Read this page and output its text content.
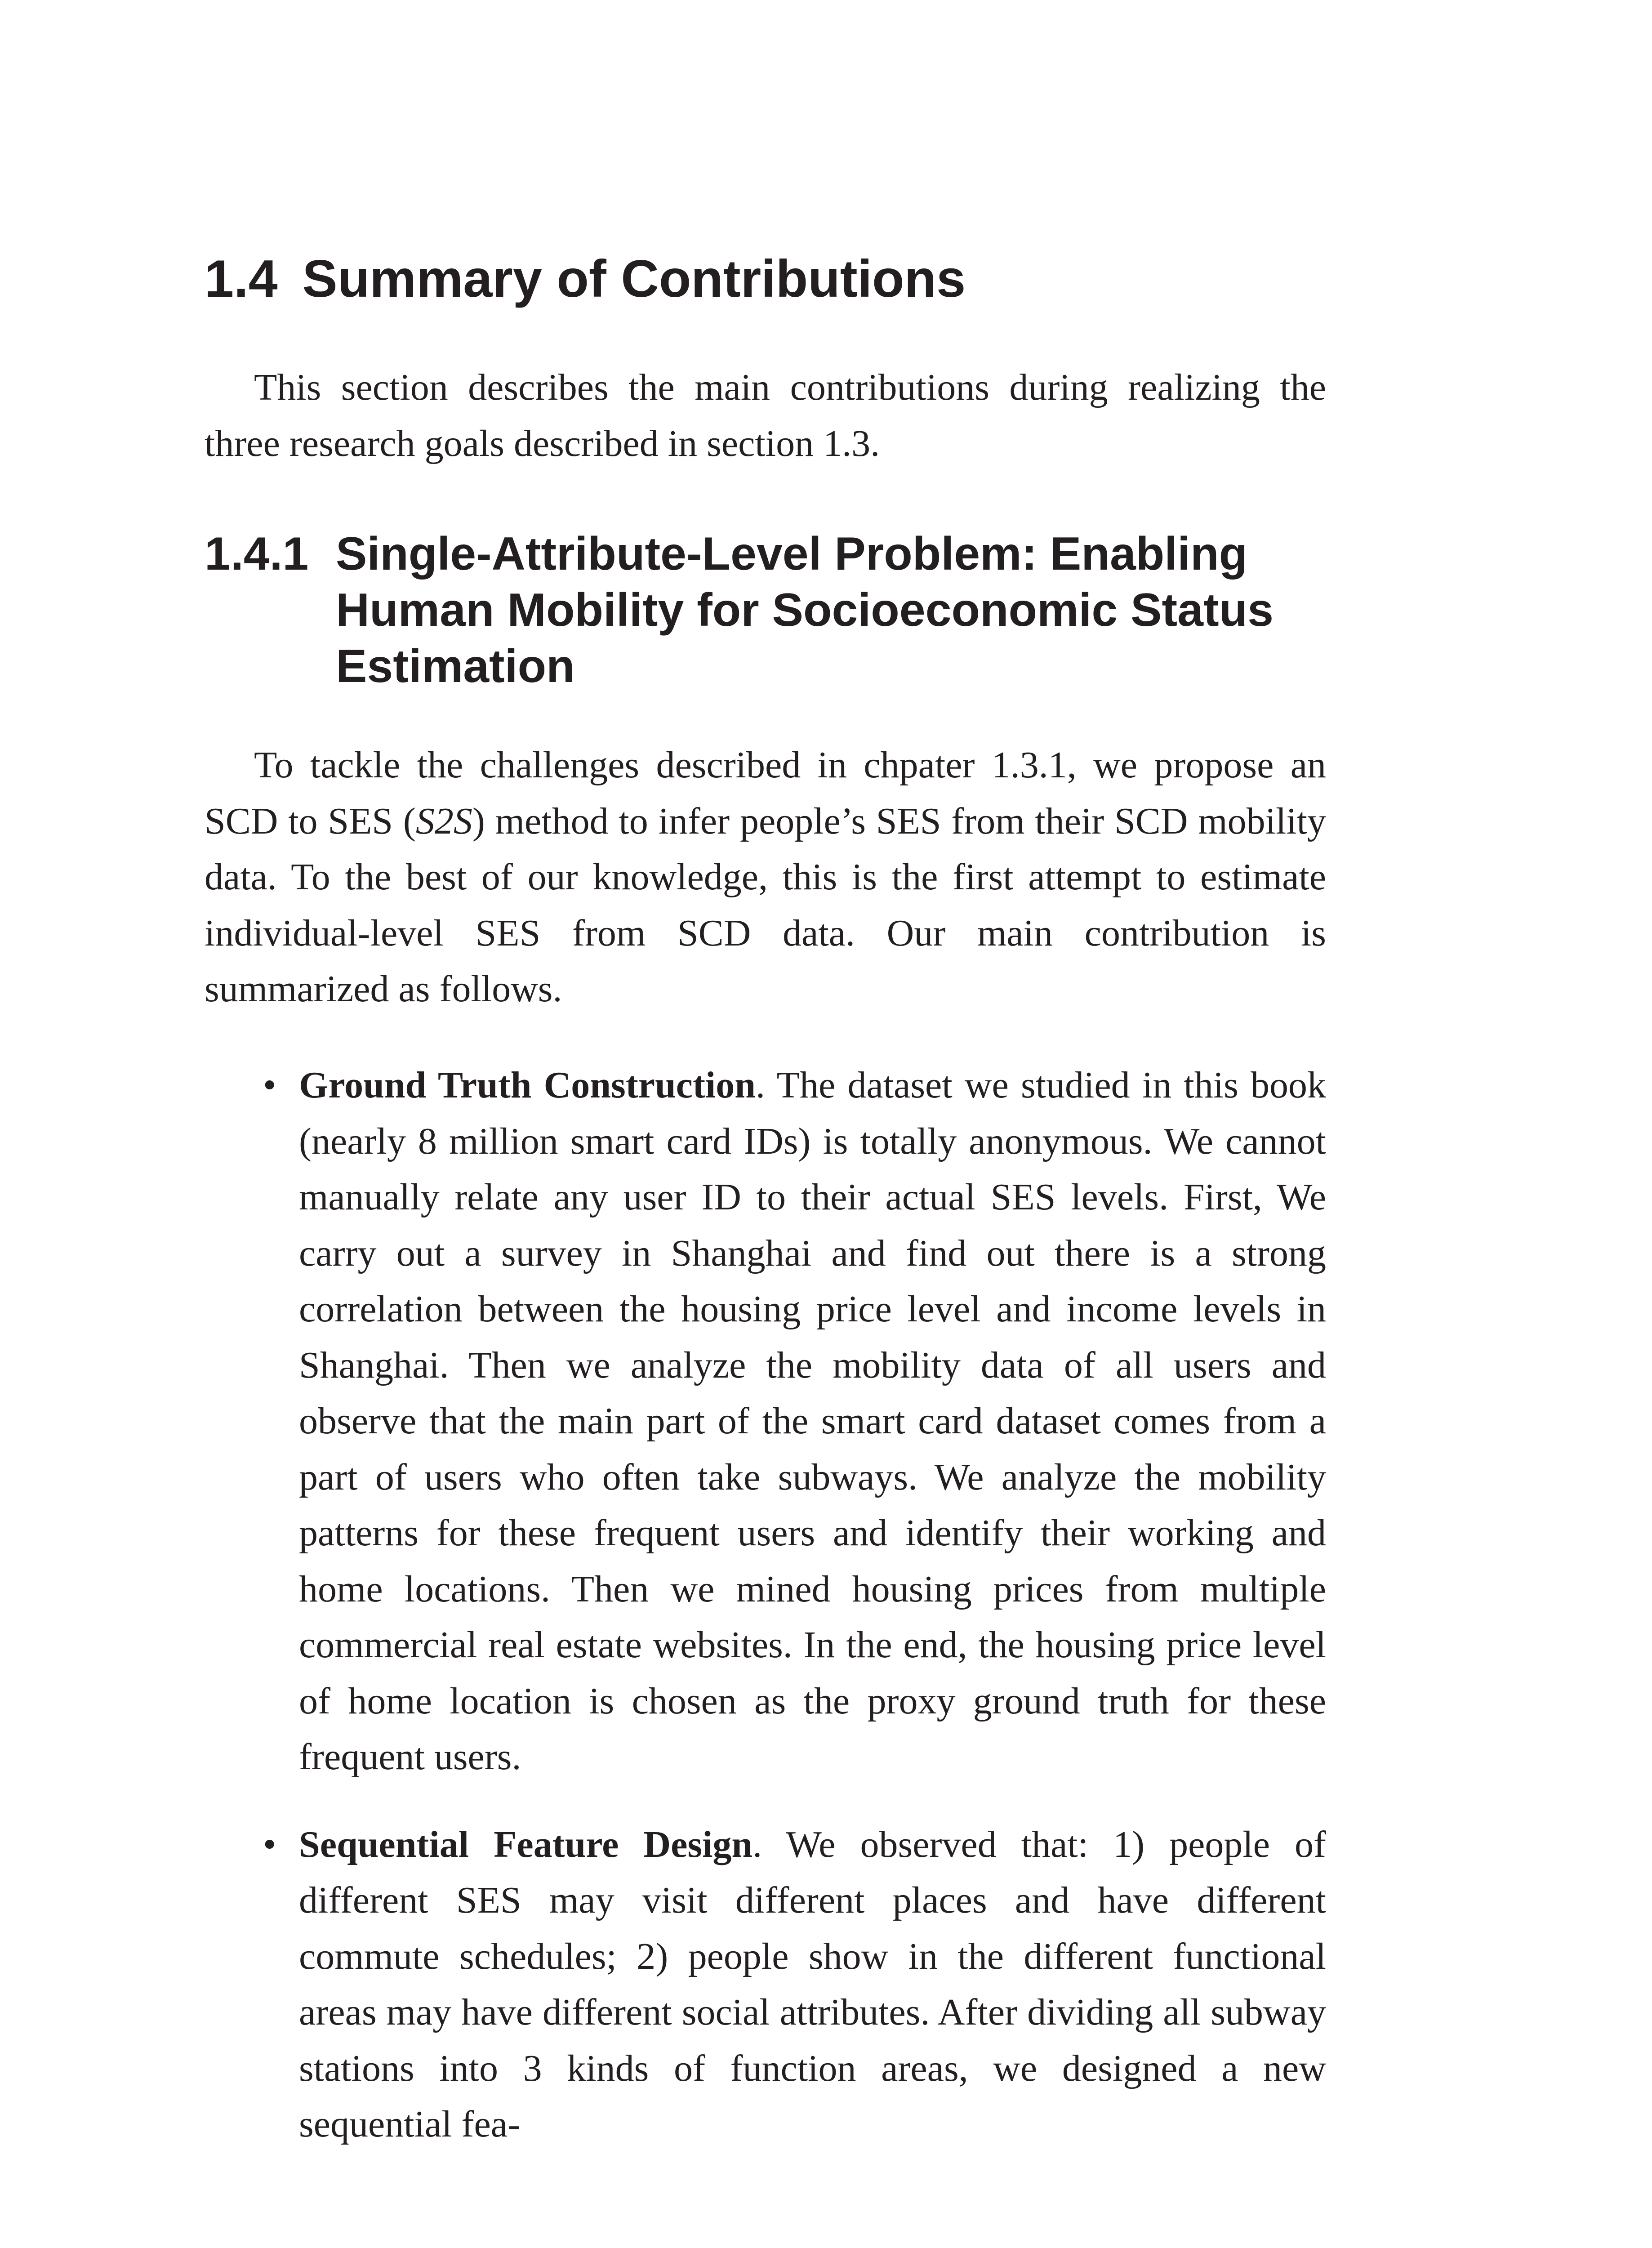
1.4 Summary of Contributions

This section describes the main contributions during realizing the three research goals described in section 1.3.

1.4.1 Single-Attribute-Level Problem: Enabling Human Mobility for Socioeconomic Status Estimation

To tackle the challenges described in chpater 1.3.1, we propose an SCD to SES (S2S) method to infer people’s SES from their SCD mobility data. To the best of our knowledge, this is the first attempt to estimate individual-level SES from SCD data. Our main contribution is summarized as follows.

• Ground Truth Construction. The dataset we studied in this book (nearly 8 million smart card IDs) is totally anonymous. We cannot manually relate any user ID to their actual SES levels. First, We carry out a survey in Shanghai and find out there is a strong correlation between the housing price level and income levels in Shanghai. Then we analyze the mobility data of all users and observe that the main part of the smart card dataset comes from a part of users who often take subways. We analyze the mobility patterns for these frequent users and identify their working and home locations. Then we mined housing prices from multiple commercial real estate websites. In the end, the housing price level of home location is chosen as the proxy ground truth for these frequent users.
• Sequential Feature Design. We observed that: 1) people of different SES may visit different places and have different commute schedules; 2) people show in the different functional areas may have different social attributes. After dividing all subway stations into 3 kinds of function areas, we designed a new sequential fea-
